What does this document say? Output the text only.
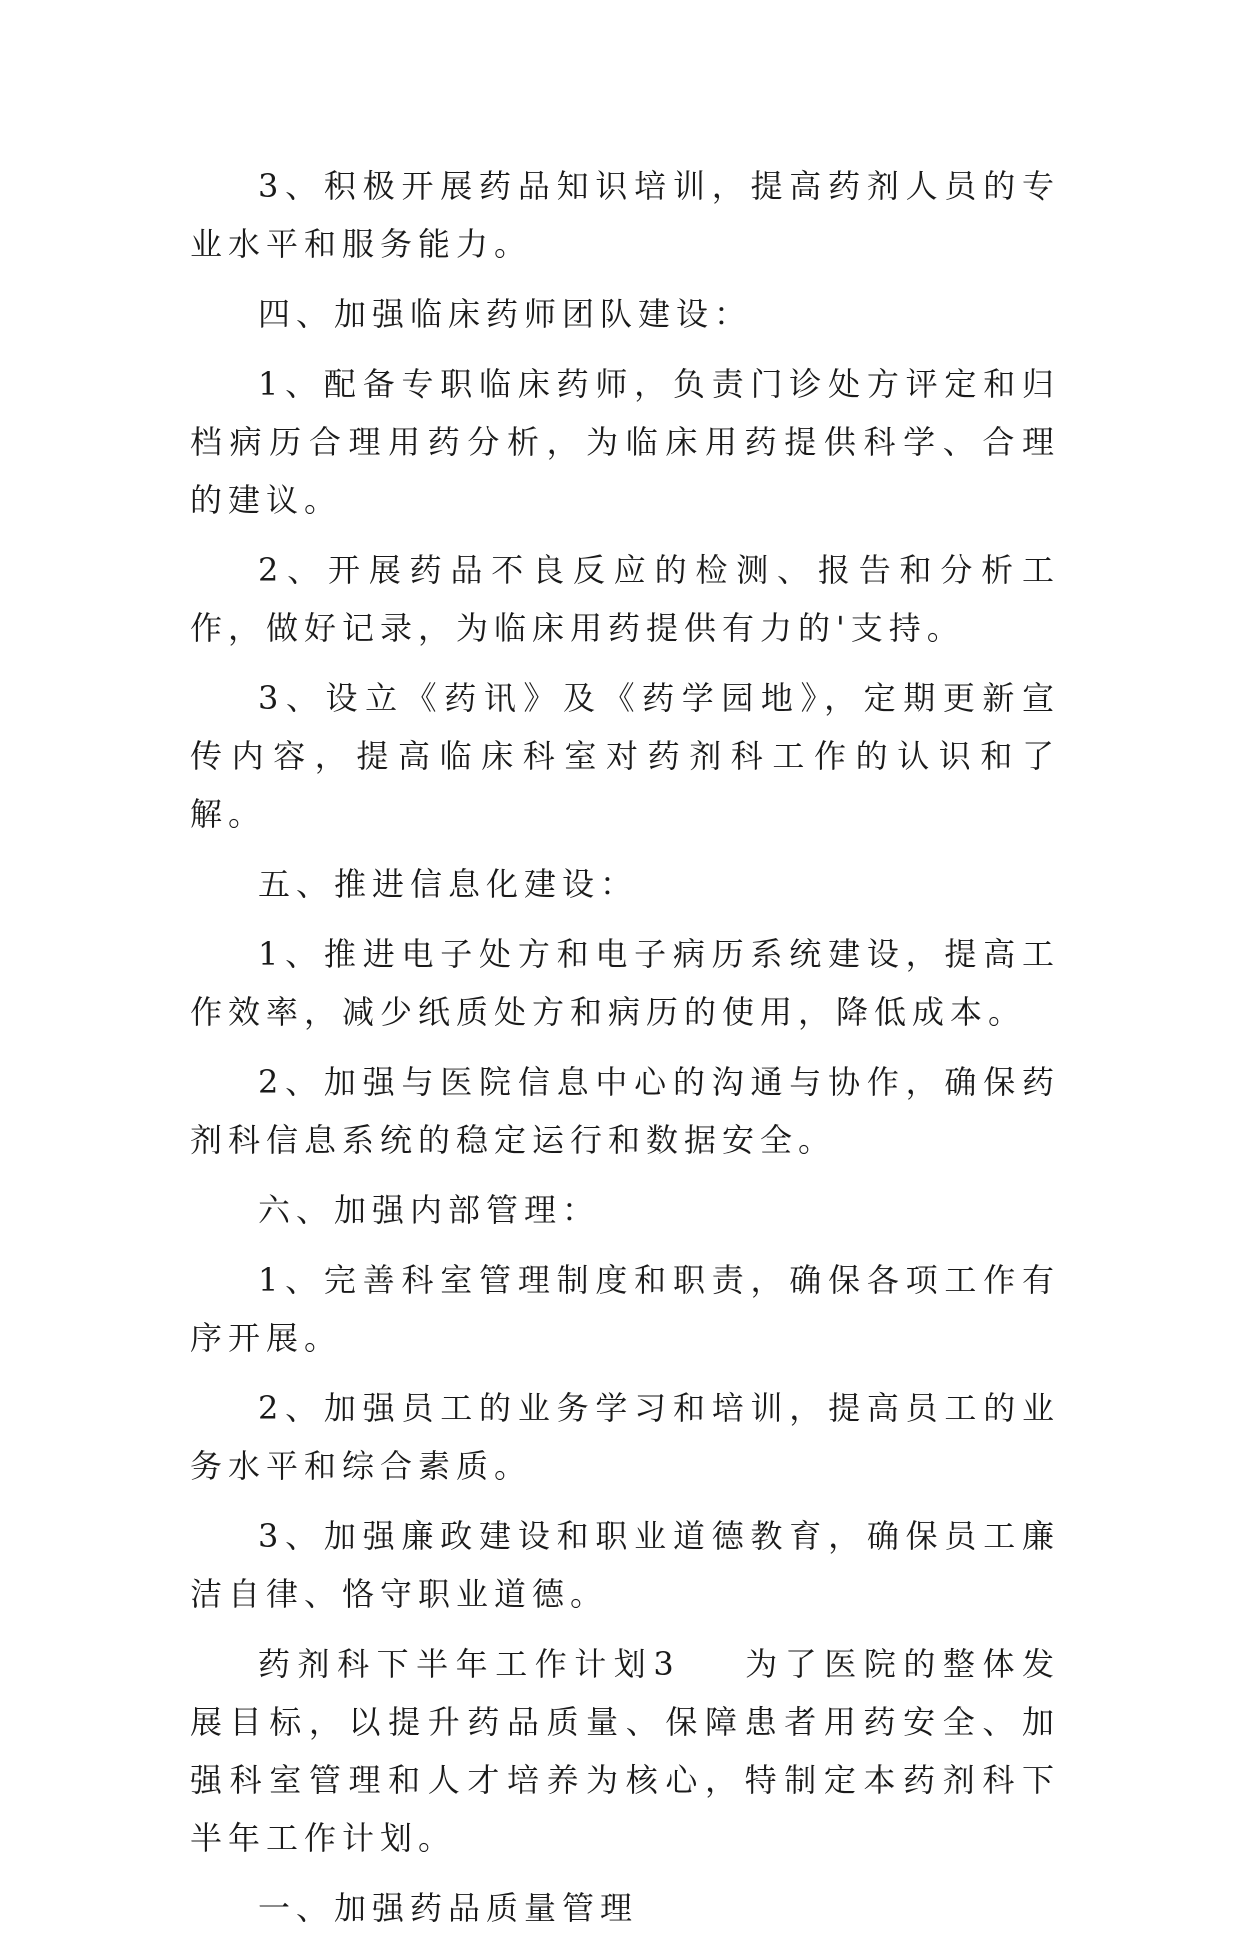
3、积极开展药品知识培训，提高药剂人员的专业水平和服务能力。

四、加强临床药师团队建设：

1、配备专职临床药师，负责门诊处方评定和归档病历合理用药分析，为临床用药提供科学、合理的建议。

2、开展药品不良反应的检测、报告和分析工作，做好记录，为临床用药提供有力的'支持。

3、设立《药讯》及《药学园地》，定期更新宣传内容，提高临床科室对药剂科工作的认识和了解。

五、推进信息化建设：

1、推进电子处方和电子病历系统建设，提高工作效率，减少纸质处方和病历的使用，降低成本。

2、加强与医院信息中心的沟通与协作，确保药剂科信息系统的稳定运行和数据安全。

六、加强内部管理：

1、完善科室管理制度和职责，确保各项工作有序开展。

2、加强员工的业务学习和培训，提高员工的业务水平和综合素质。

3、加强廉政建设和职业道德教育，确保员工廉洁自律、恪守职业道德。

药剂科下半年工作计划3 为了医院的整体发展目标，以提升药品质量、保障患者用药安全、加强科室管理和人才培养为核心，特制定本药剂科下半年工作计划。

一、加强药品质量管理
